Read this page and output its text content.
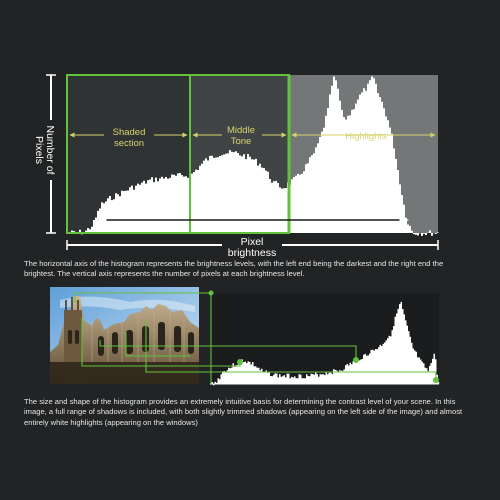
Shaded
section
Middle
Tone	Highlights
Number of
Pixels
Pixel
brightness

The horizontal axis of the histogram represents the brightness levels, with the left end being the darkest and the right end the brightest. The vertical axis represents the number of pixels at each brightness level.

The size and shape of the histogram provides an extremely intuitive basis for determining the contrast level of your scene. In this image, a full range of shadows is included, with both slightly trimmed shadows (appearing on the left side of the image) and almost entirely white highlights (appearing on the windows)
